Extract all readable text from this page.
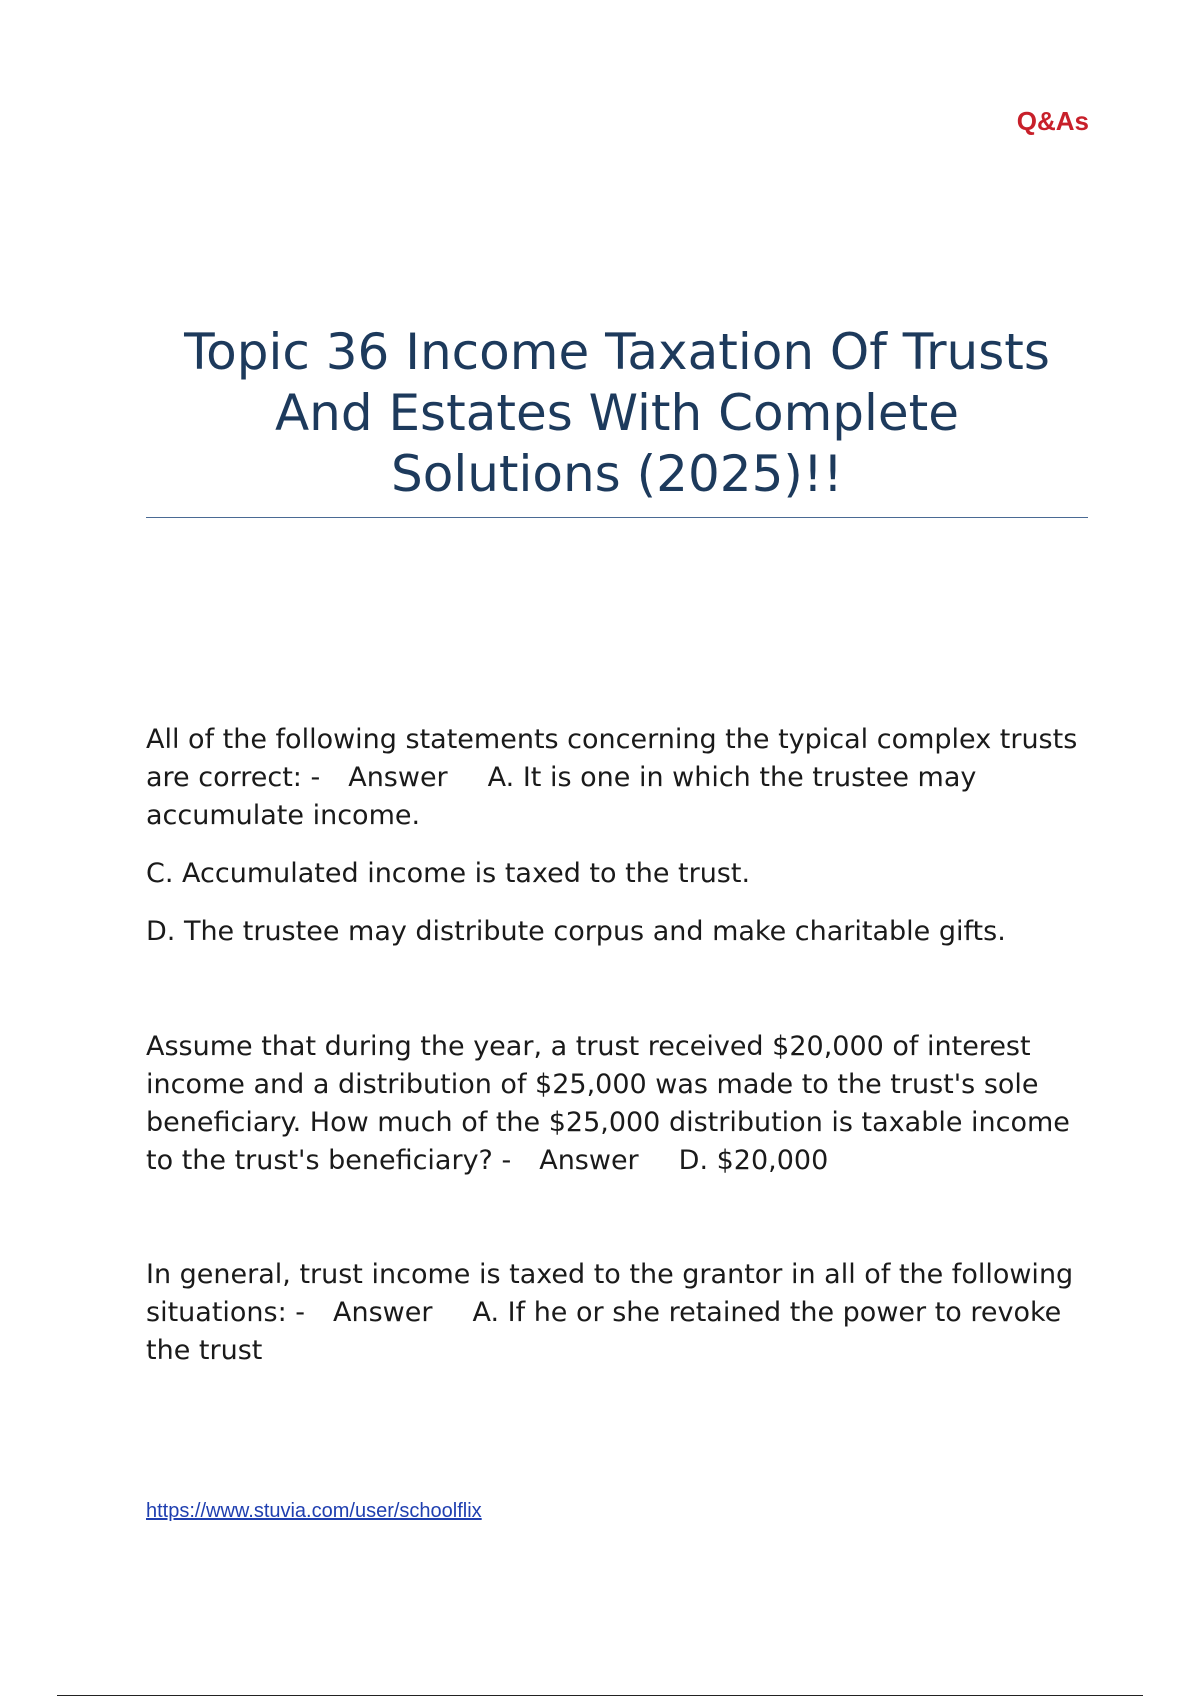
Q&As

Topic 36 Income Taxation Of Trusts
And Estates With Complete
Solutions (2025)!!

All of the following statements concerning the typical complex trusts are correct: - Answer A. It is one in which the trustee may accumulate income.

C. Accumulated income is taxed to the trust.

D. The trustee may distribute corpus and make charitable gifts.

Assume that during the year, a trust received $20,000 of interest income and a distribution of $25,000 was made to the trust's sole beneficiary. How much of the $25,000 distribution is taxable income to the trust's beneficiary? - Answer D. $20,000

In general, trust income is taxed to the grantor in all of the following situations: - Answer A. If he or she retained the power to revoke the trust

https://www.stuvia.com/user/schoolflix
